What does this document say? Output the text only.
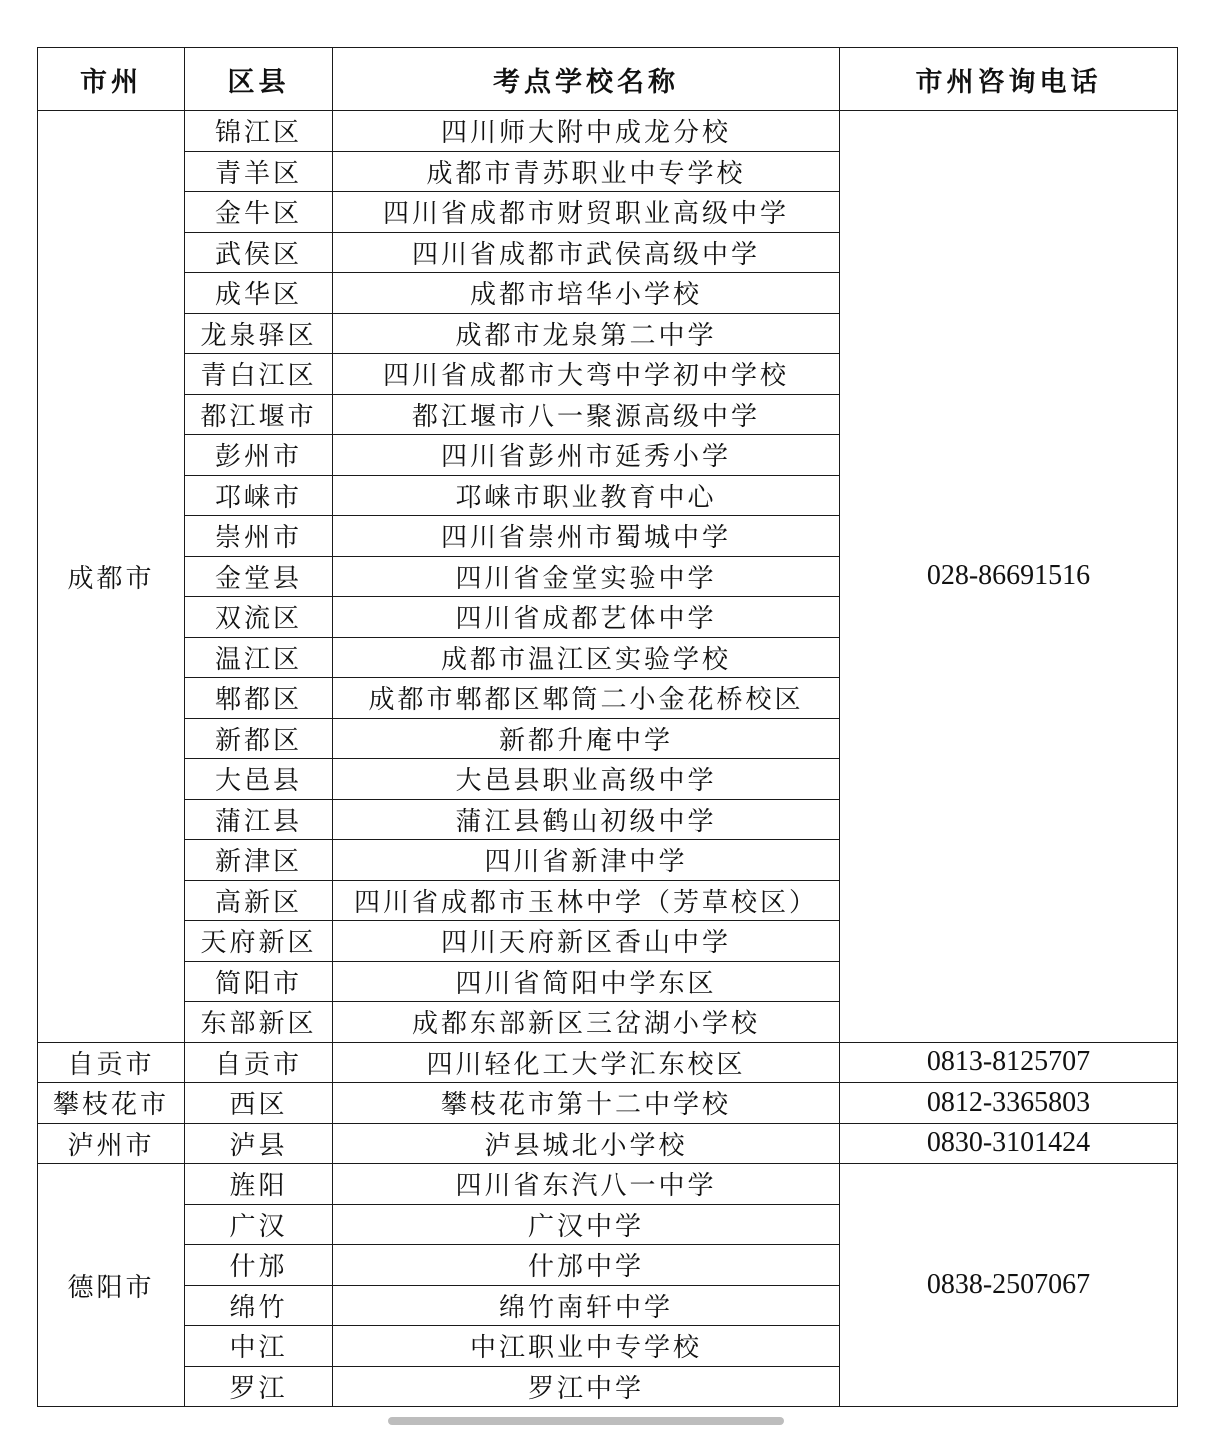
市州	区县	考点学校名称	市州咨询电话
成都市	锦江区	四川师大附中成龙分校	028-86691516
	青羊区	成都市青苏职业中专学校	
	金牛区	四川省成都市财贸职业高级中学	
	武侯区	四川省成都市武侯高级中学	
	成华区	成都市培华小学校	
	龙泉驿区	成都市龙泉第二中学	
	青白江区	四川省成都市大弯中学初中学校	
	都江堰市	都江堰市八一聚源高级中学	
	彭州市	四川省彭州市延秀小学	
	邛崃市	邛崃市职业教育中心	
	崇州市	四川省崇州市蜀城中学	
	金堂县	四川省金堂实验中学	
	双流区	四川省成都艺体中学	
	温江区	成都市温江区实验学校	
	郫都区	成都市郫都区郫筒二小金花桥校区	
	新都区	新都升庵中学	
	大邑县	大邑县职业高级中学	
	蒲江县	蒲江县鹤山初级中学	
	新津区	四川省新津中学	
	高新区	四川省成都市玉林中学（芳草校区）	
	天府新区	四川天府新区香山中学	
	简阳市	四川省简阳中学东区	
	东部新区	成都东部新区三岔湖小学校	
自贡市	自贡市	四川轻化工大学汇东校区	0813-8125707
攀枝花市	西区	攀枝花市第十二中学校	0812-3365803
泸州市	泸县	泸县城北小学校	0830-3101424
德阳市	旌阳	四川省东汽八一中学	0838-2507067
	广汉	广汉中学	
	什邡	什邡中学	
	绵竹	绵竹南轩中学	
	中江	中江职业中专学校	
	罗江	罗江中学	
